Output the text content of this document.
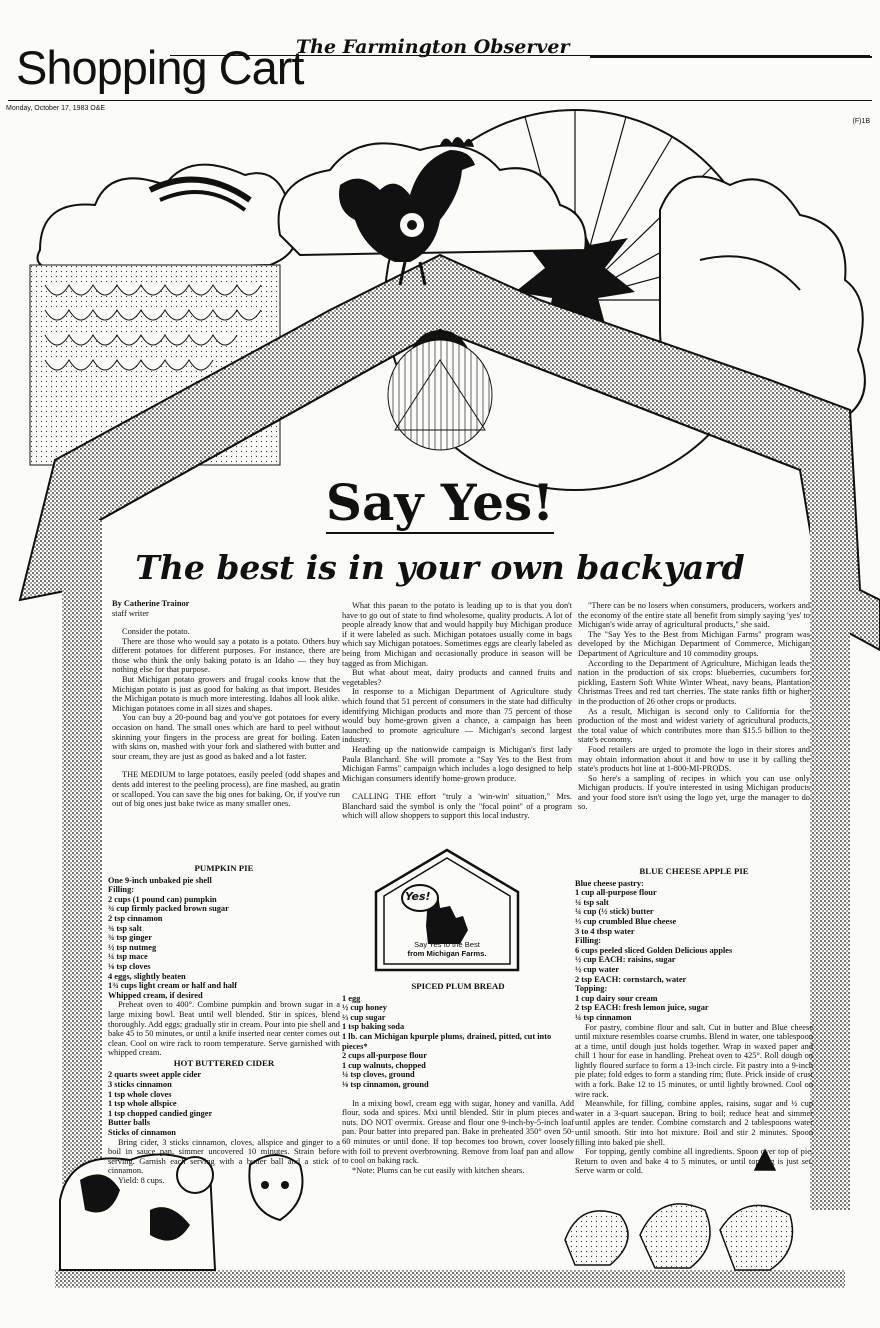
Shopping Cart
The Farmington Observer
Monday, October 17, 1983 O&E
(F)1B
Say Yes!
The best is in your own backyard
By Catherine Trainor
staff writer

Consider the potato.

There are those who would say a potato is a potato. Others buy different potatoes for different purposes. For instance, there are those who think the only baking potato is an Idaho — they buy nothing else for that purpose.

But Michigan potato growers and frugal cooks know that the Michigan potato is just as good for baking as that import. Besides the Michigan potato is much more interesting. Idahos all look alike. Michigan potatoes come in all sizes and shapes.

You can buy a 20-pound bag and you've got potatoes for every occasion on hand. The small ones which are hard to peel without skinning your fingers in the process are great for boiling. Eaten with skins on, mashed with your fork and slathered with butter and sour cream, they are just as good as baked and a lot faster.

THE MEDIUM to large potatoes, easily peeled (odd shapes and dents add interest to the peeling process), are fine mashed, au gratin or scalloped. You can save the big ones for baking. Or, if you've run out of big ones just bake twice as many smaller ones.

What this paean to the potato is leading up to is that you don't have to go out of state to find wholesome, quality products. A lot of people already know that and would happily buy Michigan produce if it were labeled as such. Michigan potatoes usually come in bags which say Michigan potatoes. Sometimes eggs are clearly labeled as being from Michigan and occasionally produce in season will be tagged as from Michigan.

But what about meat, dairy products and canned fruits and vegetables?

In response to a Michigan Department of Agriculture study which found that 51 percent of consumers in the state had difficulty identifying Michigan products and more than 75 percent of those would buy home-grown given a chance, a campaign has been launched to promote agriculture — Michigan's second largest industry.

Heading up the nationwide campaign is Michigan's first lady Paula Blanchard. She will promote a "Say Yes to the Best from Michigan Farms" campaign which includes a logo designed to help Michigan consumers identify home-grown produce.

CALLING THE effort "truly a 'win-win' situation," Mrs. Blanchard said the symbol is only the "focal point" of a program which will allow shoppers to support this local industry.

"There can be no losers when consumers, producers, workers and the economy of the entire state all benefit from simply saying 'yes' to Michigan's wide array of agricultural products," she said.

The "Say Yes to the Best from Michigan Farms" program was developed by the Michigan Department of Commerce, Michigan Department of Agriculture and 10 commodity groups.

According to the Department of Agriculture, Michigan leads the nation in the production of six crops: blueberries, cucumbers for pickling, Eastern Soft White Winter Wheat, navy beans, Plantation Christmas Trees and red tart cherries. The state ranks fifth or higher in the production of 26 other crops or products.

As a result, Michigan is second only to California for the production of the most and widest variety of agricultural products, the total value of which contributes more than $15.5 billion to the state's economy.

Food retailers are urged to promote the logo in their stores and may obtain information about it and how to use it by calling the state's products hot line at 1-800-MI-PRODS.

So here's a sampling of recipes in which you can use only Michigan products. If you're interested in using Michigan products and your food store isn't using the logo yet, urge the manager to do so.

Yes!
Say Yes to the Best
from Michigan Farms.
PUMPKIN PIE
One 9-inch unbaked pie shell
Filling:
2 cups (1 pound can) pumpkin
¾ cup firmly packed brown sugar
2 tsp cinnamon
¾ tsp salt
¾ tsp ginger
½ tsp nutmeg
¼ tsp mace
⅛ tsp cloves
4 eggs, slightly beaten
1¾ cups light cream or half and half
Whipped cream, if desired

Preheat oven to 400°. Combine pumpkin and brown sugar in a large mixing bowl. Beat until well blended. Stir in spices, blend thoroughly. Add eggs; gradually stir in cream. Pour into pie shell and bake 45 to 50 minutes, or until a knife inserted near center comes out clean. Cool on wire rack to room temperature. Serve garnished with whipped cream.

HOT BUTTERED CIDER
2 quarts sweet apple cider
3 sticks cinnamon
1 tsp whole cloves
1 tsp whole allspice
1 tsp chopped candied ginger
Butter balls
Sticks of cinnamon

Bring cider, 3 sticks cinnamon, cloves, allspice and ginger to a boil in sauce pan, simmer uncovered 10 minutes. Strain before serving. Garnish each serving with a butter ball and a stick of cinnamon.

Yield: 8 cups.

SPICED PLUM BREAD
1 egg
½ cup honey
⅔ cup sugar
1 tsp baking soda
1 lb. can Michigan kpurple plums, drained, pitted, cut into pieces*
2 cups all-purpose flour
1 cup walnuts, chopped
¼ tsp cloves, ground
⅛ tsp cinnamon, ground

In a mixing bowl, cream egg with sugar, honey and vanilla. Add flour, soda and spices. Mxi until blended. Stir in plum pieces and nuts. DO NOT overmix. Grease and flour one 9-inch-by-5-inch loaf pan. Pour batter into prepared pan. Bake in preheated 350° oven 50-60 minutes or until done. If top becomes too brown, cover loosely with foil to prevent overbrowning. Remove from loaf pan and allow to cool on baking rack.

*Note: Plums can be cut easily with kitchen shears.

BLUE CHEESE APPLE PIE
Blue cheese pastry:
1 cup all-purpose flour
¼ tsp salt
¼ cup (½ stick) butter
⅓ cup crumbled Blue cheese
3 to 4 tbsp water
Filling:
6 cups peeled sliced Golden Delicious apples
½ cup EACH: raisins, sugar
½ cup water
2 tsp EACH: cornstarch, water
Topping:
1 cup dairy sour cream
2 tsp EACH: fresh lemon juice, sugar
¼ tsp cinnamon

For pastry, combine flour and salt. Cut in butter and Blue cheese until mixture resembles coarse crumbs. Blend in water, one tablespoon at a time, until dough just holds together. Wrap in waxed paper and chill 1 hour for ease in handling. Preheat oven to 425°. Roll dough on lightly floured surface to form a 13-inch circle. Fit pastry into a 9-inch pie plate; fold edges to form a standing rim; flute. Prick inside of crust with a fork. Bake 12 to 15 minutes, or until lightly browned. Cool on wire rack.

Meanwhile, for filling, combine apples, raisins, sugar and ½ cup water in a 3-quart saucepan. Bring to boil; reduce heat and simmer until apples are tender. Combine cornstarch and 2 tablespoons water until smooth. Stir into hot mixture. Boil and stir 2 minutes. Spoon filling into baked pie shell.

For topping, gently combine all ingredients. Spoon over top of pie. Return to oven and bake 4 to 5 minutes, or until topping is just set. Serve warm or cold.
